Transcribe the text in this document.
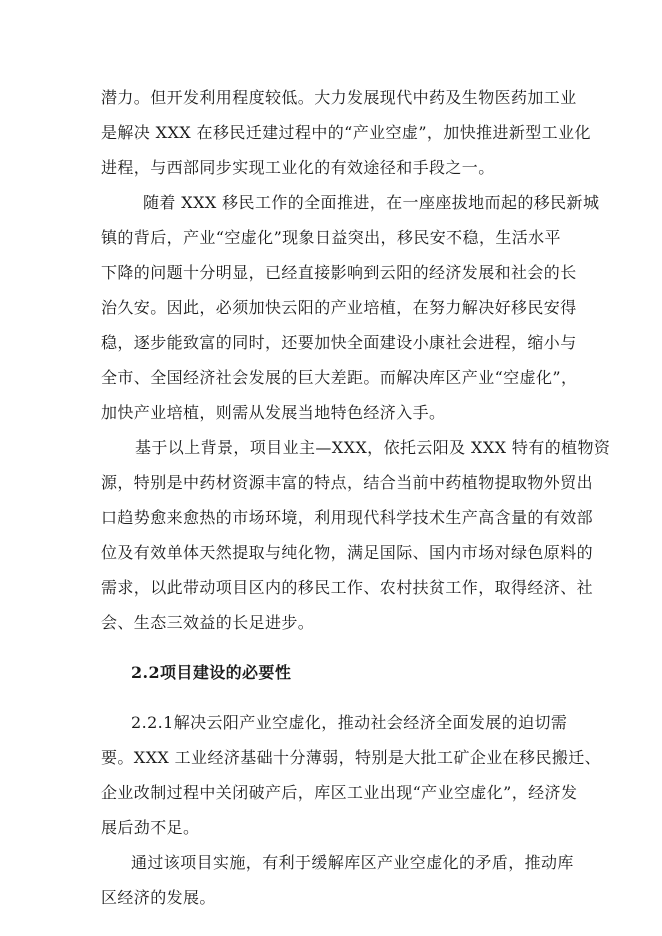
潜力。但开发利用程度较低。大力发展现代中药及生物医药加工业
是解决 XXX 在移民迁建过程中的“产业空虚”，加快推进新型工业化
进程，与西部同步实现工业化的有效途径和手段之一。
随着 XXX 移民工作的全面推进，在一座座拔地而起的移民新城
镇的背后，产业“空虚化”现象日益突出，移民安不稳，生活水平
下降的问题十分明显，已经直接影响到云阳的经济发展和社会的长
治久安。因此，必须加快云阳的产业培植，在努力解决好移民安得
稳，逐步能致富的同时，还要加快全面建设小康社会进程，缩小与
全市、全国经济社会发展的巨大差距。而解决库区产业“空虚化”，
加快产业培植，则需从发展当地特色经济入手。
基于以上背景，项目业主—XXX，依托云阳及 XXX 特有的植物资
源，特别是中药材资源丰富的特点，结合当前中药植物提取物外贸出
口趋势愈来愈热的市场环境，利用现代科学技术生产高含量的有效部
位及有效单体天然提取与纯化物，满足国际、国内市场对绿色原料的
需求，以此带动项目区内的移民工作、农村扶贫工作，取得经济、社
会、生态三效益的长足进步。
2.2项目建设的必要性
2.2.1解决云阳产业空虚化，推动社会经济全面发展的迫切需
要。XXX 工业经济基础十分薄弱，特别是大批工矿企业在移民搬迁、
企业改制过程中关闭破产后，库区工业出现“产业空虚化”，经济发
展后劲不足。
通过该项目实施，有利于缓解库区产业空虚化的矛盾，推动库
区经济的发展。
